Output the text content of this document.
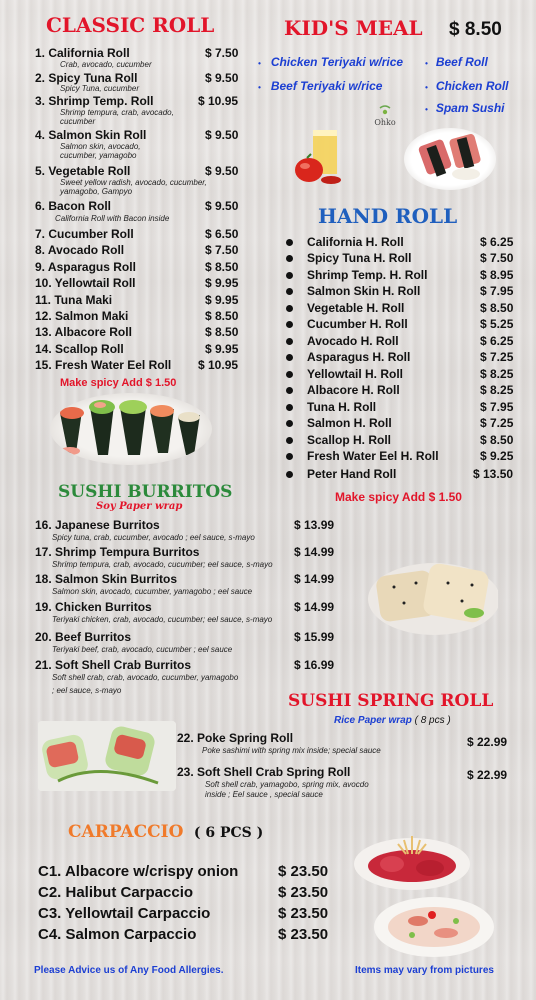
CLASSIC ROLL
1. California Roll	$ 7.50
Crab, avocado, cucumber
2. Spicy Tuna Roll	$ 9.50
Spicy Tuna, cucumber
3. Shrimp Temp. Roll	$ 10.95
Shrimp tempura, crab, avocado, cucumber
4. Salmon Skin Roll	$ 9.50
Salmon skin, avocado, cucumber, yamagobo
5. Vegetable Roll	$ 9.50
Sweet yellow radish, avocado, cucumber, yamagobo, Gampyo
6. Bacon Roll	$ 9.50
California Roll with Bacon inside
7. Cucumber Roll	$ 6.50
8. Avocado Roll	$ 7.50
9. Asparagus Roll	$ 8.50
10. Yellowtail Roll	$ 9.95
11. Tuna Maki	$ 9.95
12. Salmon Maki	$ 8.50
13. Albacore Roll	$ 8.50
14. Scallop Roll	$ 9.95
15. Fresh Water Eel Roll $ 10.95
Make spicy Add $ 1.50
KID'S MEAL $ 8.50
• Chicken Teriyaki w/rice
• Beef Teriyaki w/rice
• Beef Roll
• Chicken Roll
• Spam Sushi
Ohko
HAND ROLL
California H. Roll	$ 6.25
Spicy Tuna H. Roll	$ 7.50
Shrimp Temp. H. Roll	$ 8.95
Salmon Skin H. Roll	$ 7.95
Vegetable H. Roll	$ 8.50
Cucumber H. Roll	$ 5.25
Avocado H. Roll	$ 6.25
Asparagus H. Roll	$ 7.25
Yellowtail H. Roll	$ 8.25
Albacore H. Roll	$ 8.25
Tuna H. Roll	$ 7.95
Salmon H. Roll	$ 7.25
Scallop H. Roll	$ 8.50
Fresh Water Eel H. Roll	$ 9.25
Peter Hand Roll	$ 13.50
Make spicy Add $ 1.50
SUSHI BURRITOS
Soy Paper wrap
16. Japanese Burritos	$ 13.99
Spicy tuna, crab, cucumber, avocado ; eel sauce, s-mayo
17. Shrimp Tempura Burritos	$ 14.99
Shrimp tempura, crab, avocado, cucumber; eel sauce, s-mayo
18. Salmon Skin Burritos	$ 14.99
Salmon skin, avocado, cucumber, yamagobo ; eel sauce
19. Chicken Burritos	$ 14.99
Teriyaki chicken, crab, avocado, cucumber; eel sauce, s-mayo
20. Beef Burritos	$ 15.99
Teriyaki beef, crab, avocado, cucumber ; eel sauce
21. Soft Shell Crab Burritos	$ 16.99
Soft shell crab, crab, avocado, cucumber, yamagobo
; eel sauce, s-mayo
SUSHI SPRING ROLL
Rice Paper wrap ( 8 pcs )
22. Poke Spring Roll	$ 22.99
Poke sashimi with spring mix inside; special sauce
23. Soft Shell Crab Spring Roll	$ 22.99
Soft shell crab, yamagobo, spring mix, avocdo
inside ; Eel sauce , special sauce
CARPACCIO ( 6 PCS )
C1. Albacore w/crispy onion	$ 23.50
C2. Halibut Carpaccio	$ 23.50
C3. Yellowtail Carpaccio	$ 23.50
C4. Salmon Carpaccio	$ 23.50
Please Advice us of Any Food Allergies.	Items may vary from pictures
